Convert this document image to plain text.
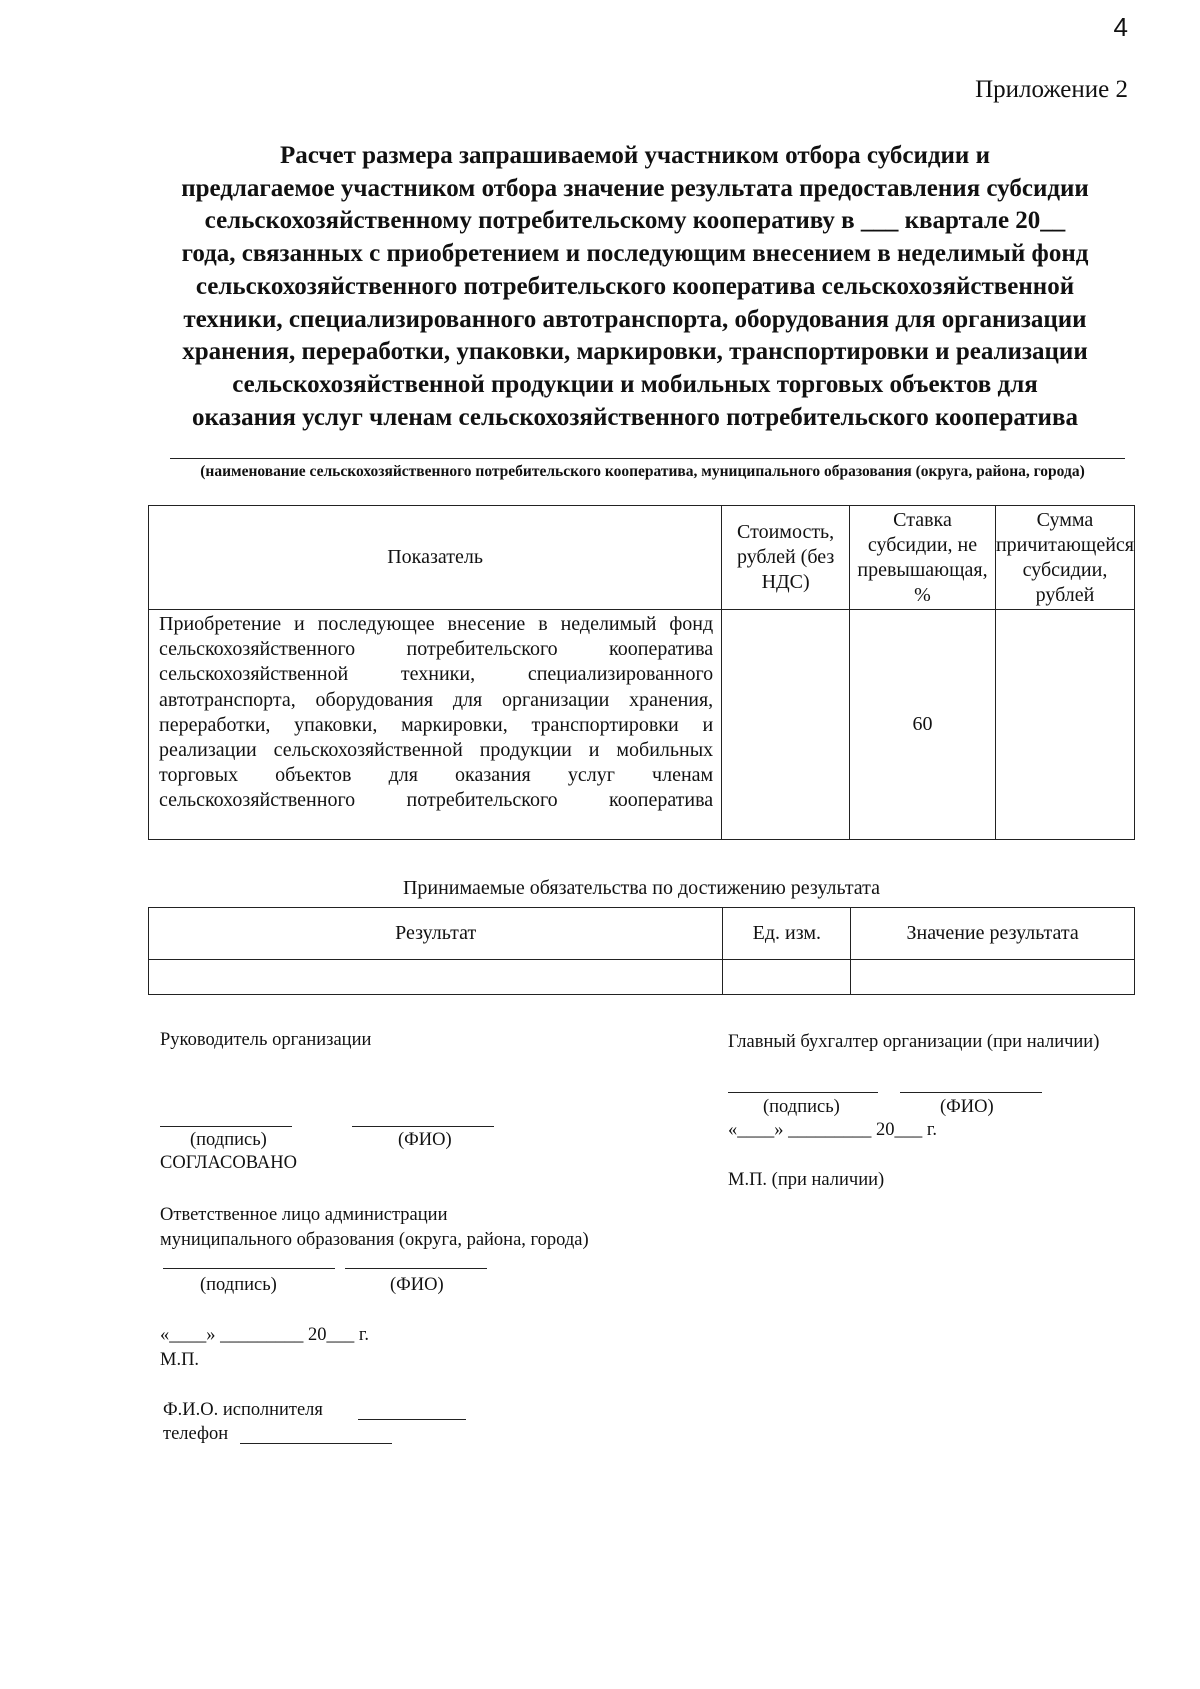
4
Приложение 2
Расчет размера запрашиваемой участником отбора субсидии и
предлагаемое участником отбора значение результата предоставления субсидии
сельскохозяйственному потребительскому кооперативу в ___ квартале 20__
года, связанных с приобретением и последующим внесением в неделимый фонд
сельскохозяйственного потребительского кооператива сельскохозяйственной
техники, специализированного автотранспорта, оборудования для организации
хранения, переработки, упаковки, маркировки, транспортировки и реализации
сельскохозяйственной продукции и мобильных торговых объектов для
оказания услуг членам сельскохозяйственного потребительского кооператива
(наименование сельскохозяйственного потребительского кооператива, муниципального образования (округа, района, города)
Показатель	Стоимость, рублей (без НДС)	Ставка субсидии, не превышающая, %	Сумма причитающейся субсидии, рублей
Приобретение и последующее внесение в неделимый фонд сельскохозяйственного потребительского кооператива сельскохозяйственной техники, специализированного автотранспорта, оборудования для организации хранения, переработки, упаковки, маркировки, транспортировки и реализации сельскохозяйственной продукции и мобильных торговых объектов для оказания услуг членам сельскохозяйственного потребительского кооператива		60	
Принимаемые обязательства по достижению результата
Результат	Ед. изм.	Значение результата

Руководитель организации
(подпись)	(ФИО)
СОГЛАСОВАНО
Ответственное лицо администрации
муниципального образования (округа, района, города)
(подпись)	(ФИО)
«____» _________ 20___ г.
М.П.
Ф.И.О. исполнителя
телефон
Главный бухгалтер организации (при наличии)
(подпись)	(ФИО)
«____» _________ 20___ г.
М.П. (при наличии)
